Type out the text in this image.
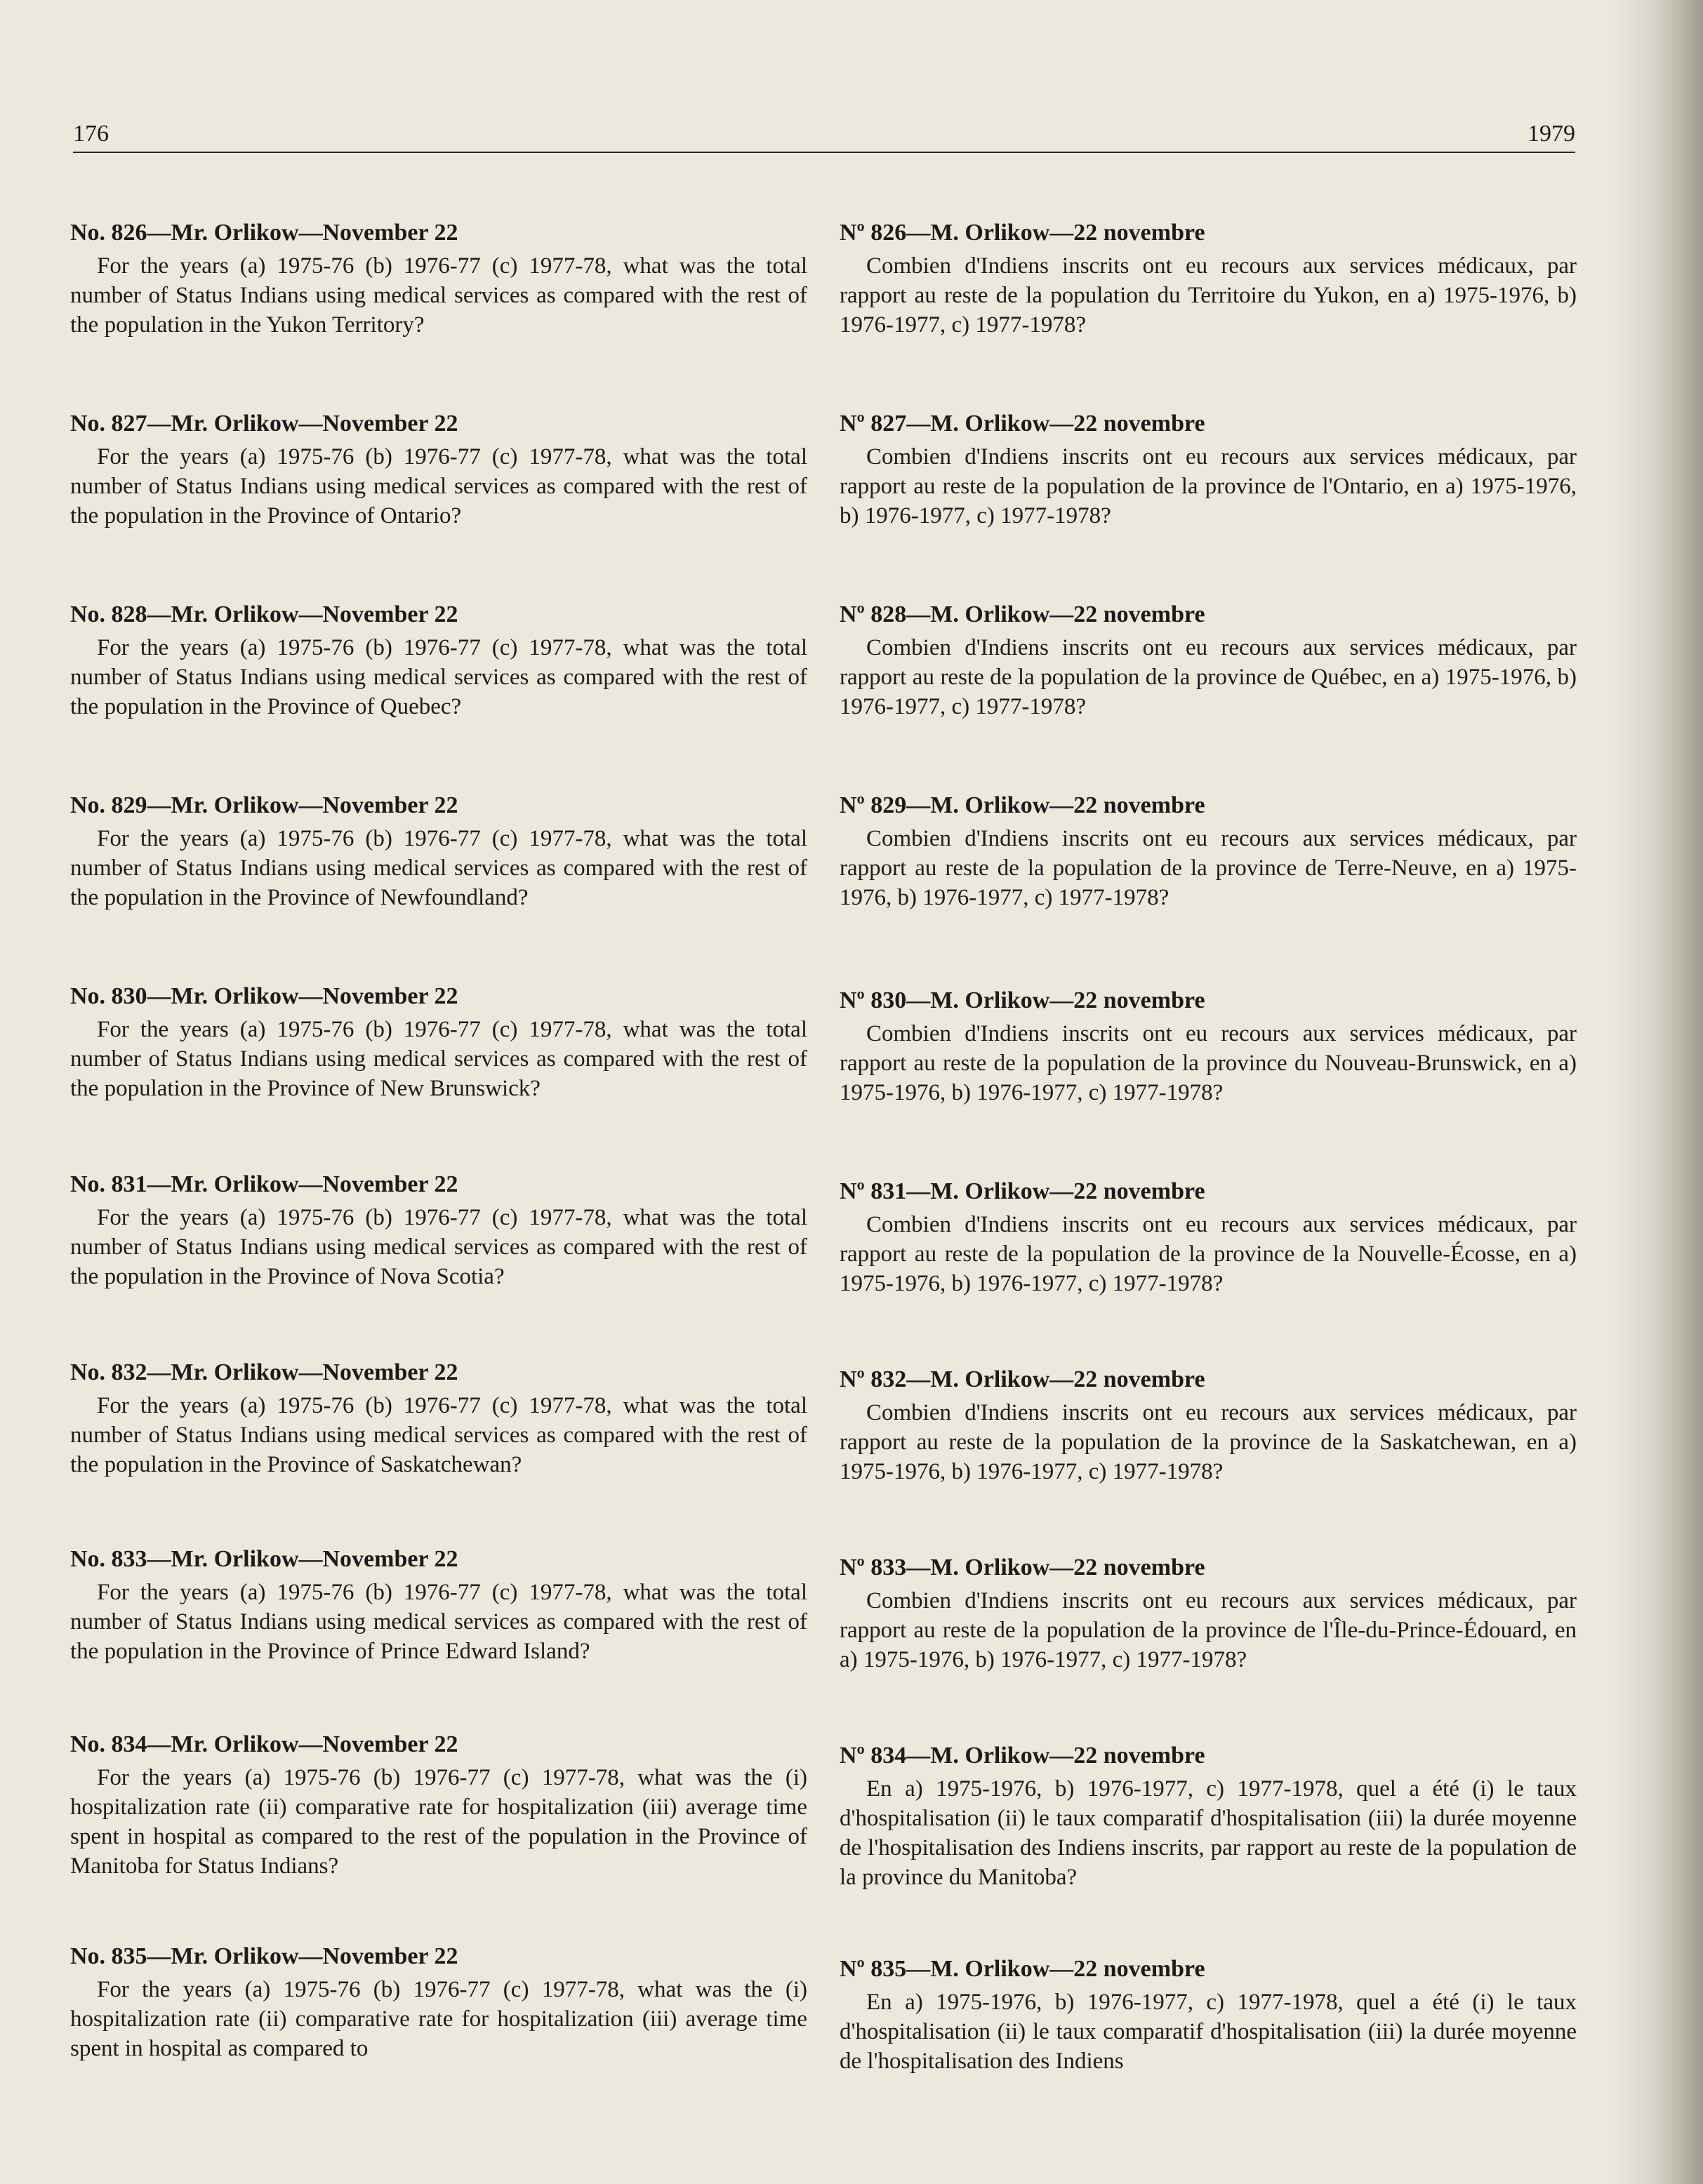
176	1979
No. 826—Mr. Orlikow—November 22

For the years (a) 1975-76 (b) 1976-77 (c) 1977-78, what was the total number of Status Indians using medical services as compared with the rest of the population in the Yukon Territory?

No. 827—Mr. Orlikow—November 22

For the years (a) 1975-76 (b) 1976-77 (c) 1977-78, what was the total number of Status Indians using medical services as compared with the rest of the population in the Province of Ontario?

No. 828—Mr. Orlikow—November 22

For the years (a) 1975-76 (b) 1976-77 (c) 1977-78, what was the total number of Status Indians using medical services as compared with the rest of the population in the Province of Quebec?

No. 829—Mr. Orlikow—November 22

For the years (a) 1975-76 (b) 1976-77 (c) 1977-78, what was the total number of Status Indians using medical services as compared with the rest of the population in the Province of Newfoundland?

No. 830—Mr. Orlikow—November 22

For the years (a) 1975-76 (b) 1976-77 (c) 1977-78, what was the total number of Status Indians using medical services as compared with the rest of the population in the Province of New Brunswick?

No. 831—Mr. Orlikow—November 22

For the years (a) 1975-76 (b) 1976-77 (c) 1977-78, what was the total number of Status Indians using medical services as compared with the rest of the population in the Province of Nova Scotia?

No. 832—Mr. Orlikow—November 22

For the years (a) 1975-76 (b) 1976-77 (c) 1977-78, what was the total number of Status Indians using medical services as compared with the rest of the population in the Province of Saskatchewan?

No. 833—Mr. Orlikow—November 22

For the years (a) 1975-76 (b) 1976-77 (c) 1977-78, what was the total number of Status Indians using medical services as compared with the rest of the population in the Province of Prince Edward Island?

No. 834—Mr. Orlikow—November 22

For the years (a) 1975-76 (b) 1976-77 (c) 1977-78, what was the (i) hospitalization rate (ii) comparative rate for hospitalization (iii) average time spent in hospital as compared to the rest of the population in the Province of Manitoba for Status Indians?

No. 835—Mr. Orlikow—November 22

For the years (a) 1975-76 (b) 1976-77 (c) 1977-78, what was the (i) hospitalization rate (ii) comparative rate for hospitalization (iii) average time spent in hospital as compared to

Nº 826—M. Orlikow—22 novembre

Combien d'Indiens inscrits ont eu recours aux services médicaux, par rapport au reste de la population du Territoire du Yukon, en a) 1975-1976, b) 1976-1977, c) 1977-1978?

Nº 827—M. Orlikow—22 novembre

Combien d'Indiens inscrits ont eu recours aux services médicaux, par rapport au reste de la population de la province de l'Ontario, en a) 1975-1976, b) 1976-1977, c) 1977-1978?

Nº 828—M. Orlikow—22 novembre

Combien d'Indiens inscrits ont eu recours aux services médicaux, par rapport au reste de la population de la province de Québec, en a) 1975-1976, b) 1976-1977, c) 1977-1978?

Nº 829—M. Orlikow—22 novembre

Combien d'Indiens inscrits ont eu recours aux services médicaux, par rapport au reste de la population de la province de Terre-Neuve, en a) 1975-1976, b) 1976-1977, c) 1977-1978?

Nº 830—M. Orlikow—22 novembre

Combien d'Indiens inscrits ont eu recours aux services médicaux, par rapport au reste de la population de la province du Nouveau-Brunswick, en a) 1975-1976, b) 1976-1977, c) 1977-1978?

Nº 831—M. Orlikow—22 novembre

Combien d'Indiens inscrits ont eu recours aux services médicaux, par rapport au reste de la population de la province de la Nouvelle-Écosse, en a) 1975-1976, b) 1976-1977, c) 1977-1978?

Nº 832—M. Orlikow—22 novembre

Combien d'Indiens inscrits ont eu recours aux services médicaux, par rapport au reste de la population de la province de la Saskatchewan, en a) 1975-1976, b) 1976-1977, c) 1977-1978?

Nº 833—M. Orlikow—22 novembre

Combien d'Indiens inscrits ont eu recours aux services médicaux, par rapport au reste de la population de la province de l'Île-du-Prince-Édouard, en a) 1975-1976, b) 1976-1977, c) 1977-1978?

Nº 834—M. Orlikow—22 novembre

En a) 1975-1976, b) 1976-1977, c) 1977-1978, quel a été (i) le taux d'hospitalisation (ii) le taux comparatif d'hospitalisation (iii) la durée moyenne de l'hospitalisation des Indiens inscrits, par rapport au reste de la population de la province du Manitoba?

Nº 835—M. Orlikow—22 novembre

En a) 1975-1976, b) 1976-1977, c) 1977-1978, quel a été (i) le taux d'hospitalisation (ii) le taux comparatif d'hospitalisation (iii) la durée moyenne de l'hospitalisation des Indiens
